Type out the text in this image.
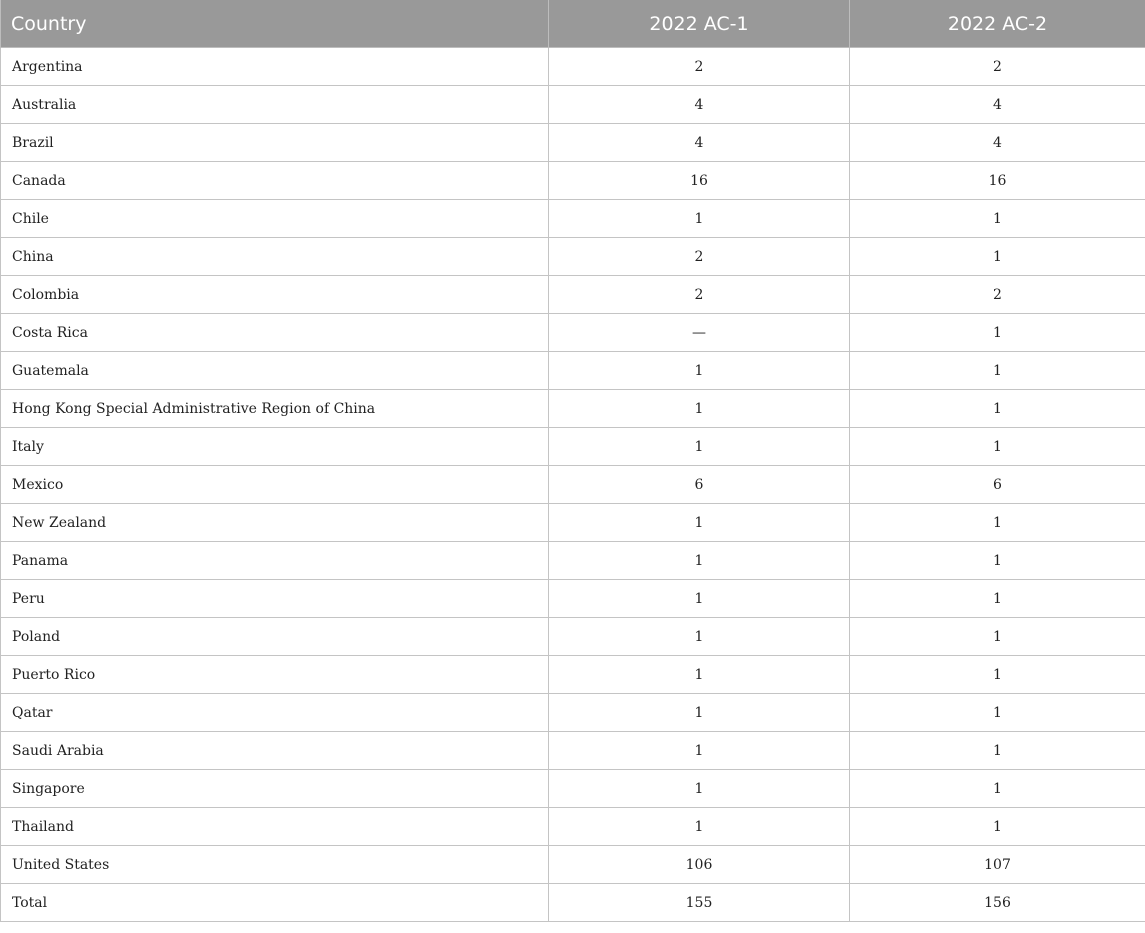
Country	2022 AC-1	2022 AC-2
Argentina	2	2
Australia	4	4
Brazil	4	4
Canada	16	16
Chile	1	1
China	2	1
Colombia	2	2
Costa Rica	—	1
Guatemala	1	1
Hong Kong Special Administrative Region of China	1	1
Italy	1	1
Mexico	6	6
New Zealand	1	1
Panama	1	1
Peru	1	1
Poland	1	1
Puerto Rico	1	1
Qatar	1	1
Saudi Arabia	1	1
Singapore	1	1
Thailand	1	1
United States	106	107
Total	155	156
